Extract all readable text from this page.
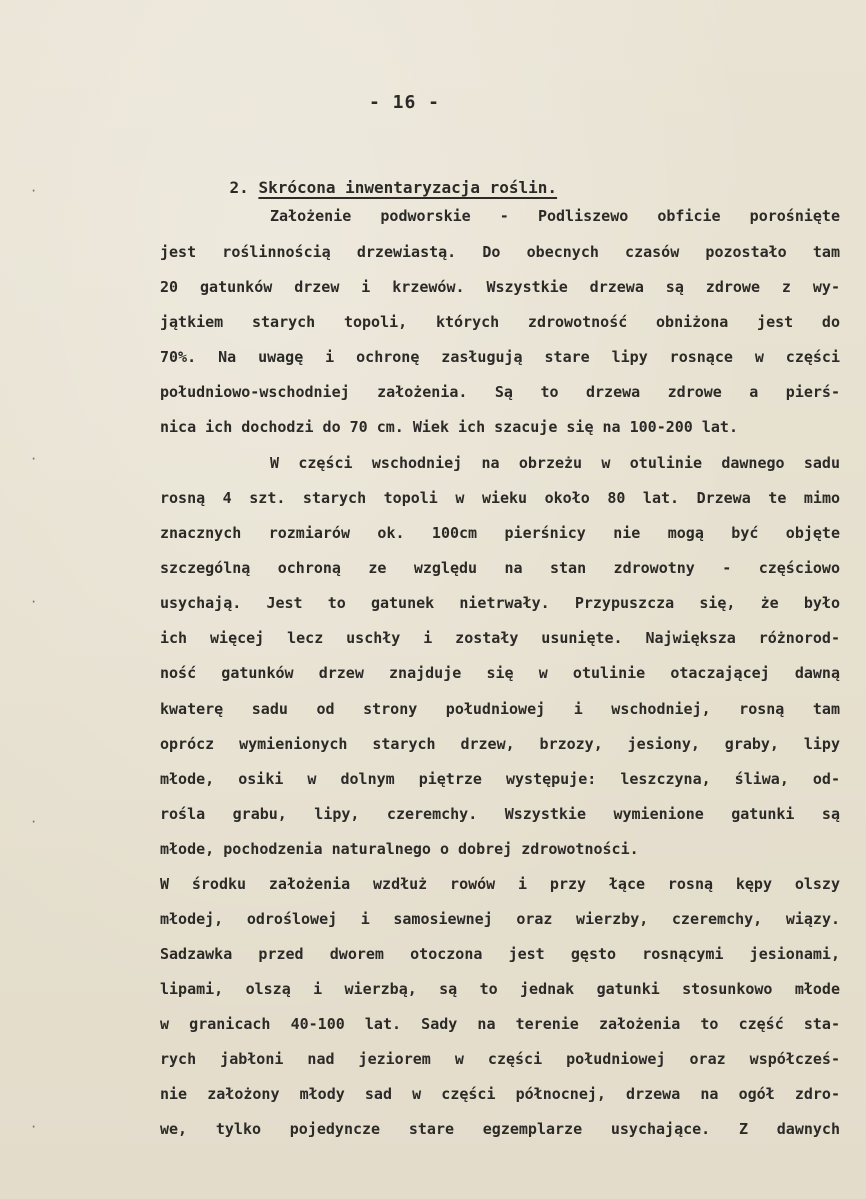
·
·
·
·
·
- 16 -

2. Skrócona inwentaryzacja roślin.

Założenie podworskie - Podliszewo obficie porośnięte
jest roślinnością drzewiastą. Do obecnych czasów pozostało tam
20 gatunków drzew i krzewów. Wszystkie drzewa są zdrowe z wy-
jątkiem starych topoli, których zdrowotność obniżona jest do
70%. Na uwagę i ochronę zasługują stare lipy rosnące w części
południowo-wschodniej założenia. Są to drzewa zdrowe a pierś-
nica ich dochodzi do 70 cm. Wiek ich szacuje się na 100-200 lat.
W części wschodniej na obrzeżu w otulinie dawnego sadu
rosną 4 szt. starych topoli w wieku około 80 lat. Drzewa te mimo
znacznych rozmiarów ok. 100cm pierśnicy nie mogą być objęte
szczególną ochroną ze względu na stan zdrowotny - częściowo
usychają. Jest to gatunek nietrwały. Przypuszcza się, że było
ich więcej lecz uschły i zostały usunięte. Największa różnorod-
ność gatunków drzew znajduje się w otulinie otaczającej dawną
kwaterę sadu od strony południowej i wschodniej, rosną tam
oprócz wymienionych starych drzew, brzozy, jesiony, graby, lipy
młode, osiki w dolnym piętrze występuje: leszczyna, śliwa, od-
rośla grabu, lipy, czeremchy. Wszystkie wymienione gatunki są
młode, pochodzenia naturalnego o dobrej zdrowotności.
W środku założenia wzdłuż rowów i przy łące rosną kępy olszy
młodej, odroślowej i samosiewnej oraz wierzby, czeremchy, wiązy.
Sadzawka przed dworem otoczona jest gęsto rosnącymi jesionami,
lipami, olszą i wierzbą, są to jednak gatunki stosunkowo młode
w granicach 40-100 lat. Sady na terenie założenia to część sta-
rych jabłoni nad jeziorem w części południowej oraz współcześ-
nie założony młody sad w części północnej, drzewa na ogół zdro-
we, tylko pojedyncze stare egzemplarze usychające. Z dawnych
